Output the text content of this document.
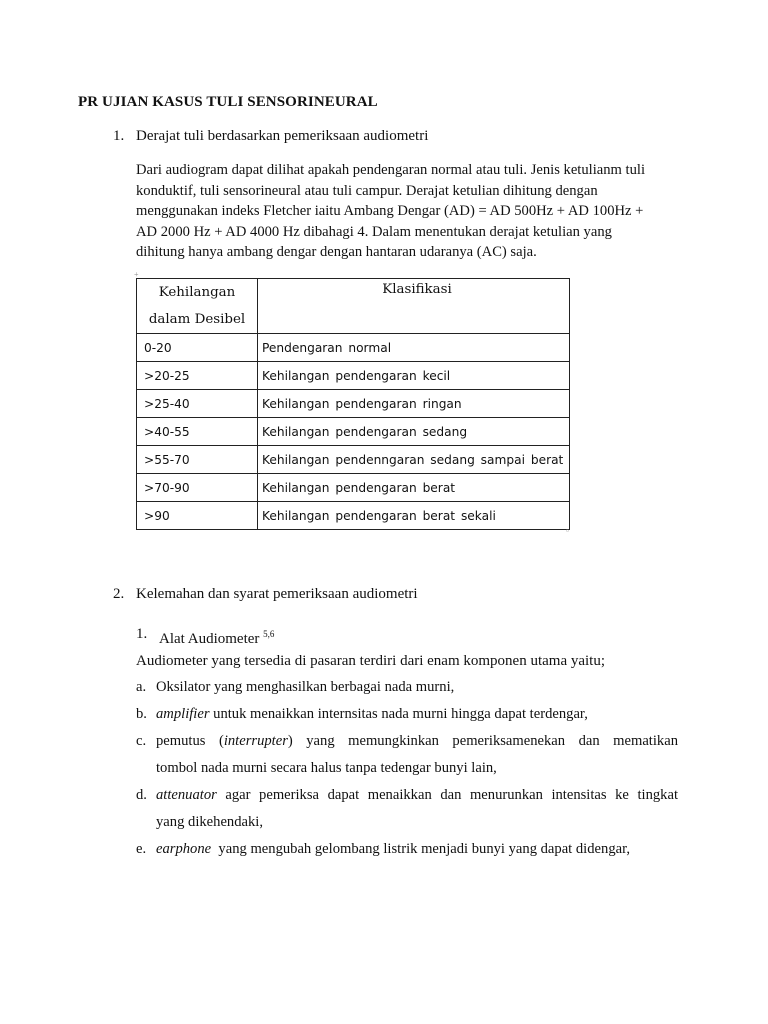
PR UJIAN KASUS TULI SENSORINEURAL
1. Derajat tuli berdasarkan pemeriksaan audiometri
Dari audiogram dapat dilihat apakah pendengaran normal atau tuli. Jenis ketulianm tuli
konduktif, tuli sensorineural atau tuli campur. Derajat ketulian dihitung dengan
menggunakan indeks Fletcher iaitu Ambang Dengar (AD) = AD 500Hz + AD 100Hz +
AD 2000 Hz + AD 4000 Hz dibahagi 4. Dalam menentukan derajat ketulian yang
dihitung hanya ambang dengar dengan hantaran udaranya (AC) saja.
+
Kehilangan
dalam Desibel	Klasifikasi
0-20	Pendengaran normal
>20-25	Kehilangan pendengaran kecil
>25-40	Kehilangan pendengaran ringan
>40-55	Kehilangan pendengaran sedang
>55-70	Kehilangan pendenngaran sedang sampai berat
>70-90	Kehilangan pendengaran berat
>90	Kehilangan pendengaran berat sekali
▫
2. Kelemahan dan syarat pemeriksaan audiometri
1. Alat Audiometer $^{5,6}$
Audiometer yang tersedia di pasaran terdiri dari enam komponen utama yaitu;
a. Oksilator yang menghasilkan berbagai nada murni,
b. amplifier untuk menaikkan internsitas nada murni hingga dapat terdengar,
c. pemutus (interrupter) yang memungkinkan pemeriksamenekan dan mematikan
tombol nada murni secara halus tanpa tedengar bunyi lain,
d. attenuator agar pemeriksa dapat menaikkan dan menurunkan intensitas ke tingkat
yang dikehendaki,
e. earphone  yang mengubah gelombang listrik menjadi bunyi yang dapat didengar,
